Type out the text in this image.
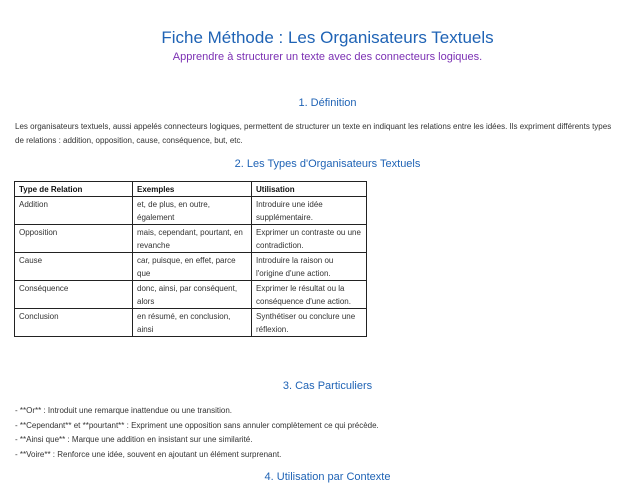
Fiche Méthode : Les Organisateurs Textuels
Apprendre à structurer un texte avec des connecteurs logiques.
1. Définition
Les organisateurs textuels, aussi appelés connecteurs logiques, permettent de structurer un texte en indiquant les relations entre les idées. Ils expriment différents types de relations : addition, opposition, cause, conséquence, but, etc.
2. Les Types d'Organisateurs Textuels
Type de Relation	Exemples	Utilisation
Addition	et, de plus, en outre, également	Introduire une idée supplémentaire.
Opposition	mais, cependant, pourtant, en revanche	Exprimer un contraste ou une contradiction.
Cause	car, puisque, en effet, parce que	Introduire la raison ou l'origine d'une action.
Conséquence	donc, ainsi, par conséquent, alors	Exprimer le résultat ou la conséquence d'une action.
Conclusion	en résumé, en conclusion, ainsi	Synthétiser ou conclure une réflexion.
3. Cas Particuliers
- **Or** : Introduit une remarque inattendue ou une transition.
- **Cependant** et **pourtant** : Expriment une opposition sans annuler complètement ce qui précède.
- **Ainsi que** : Marque une addition en insistant sur une similarité.
- **Voire** : Renforce une idée, souvent en ajoutant un élément surprenant.
4. Utilisation par Contexte
